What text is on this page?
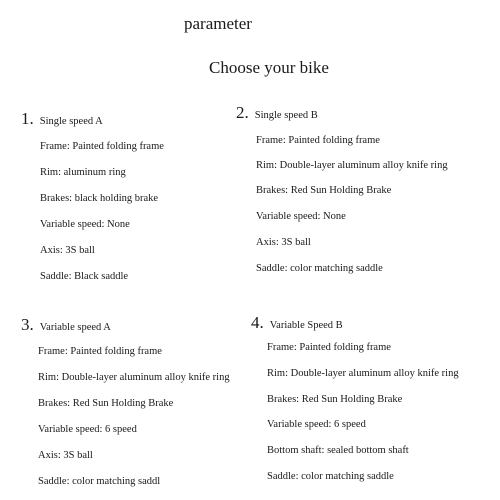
parameter
Choose your bike
1. Single speed A
Frame: Painted folding frame
Rim: aluminum ring
Brakes: black holding brake
Variable speed: None
Axis: 3S ball
Saddle: Black saddle
2. Single speed B
Frame: Painted folding frame
Rim: Double-layer aluminum alloy knife ring
Brakes: Red Sun Holding Brake
Variable speed: None
Axis: 3S ball
Saddle: color matching saddle
3. Variable speed A
Frame: Painted folding frame
Rim: Double-layer aluminum alloy knife ring
Brakes: Red Sun Holding Brake
Variable speed: 6 speed
Axis: 3S ball
Saddle: color matching saddl
4. Variable Speed B
Frame: Painted folding frame
Rim: Double-layer aluminum alloy knife ring
Brakes: Red Sun Holding Brake
Variable speed: 6 speed
Bottom shaft: sealed bottom shaft
Saddle: color matching saddle
